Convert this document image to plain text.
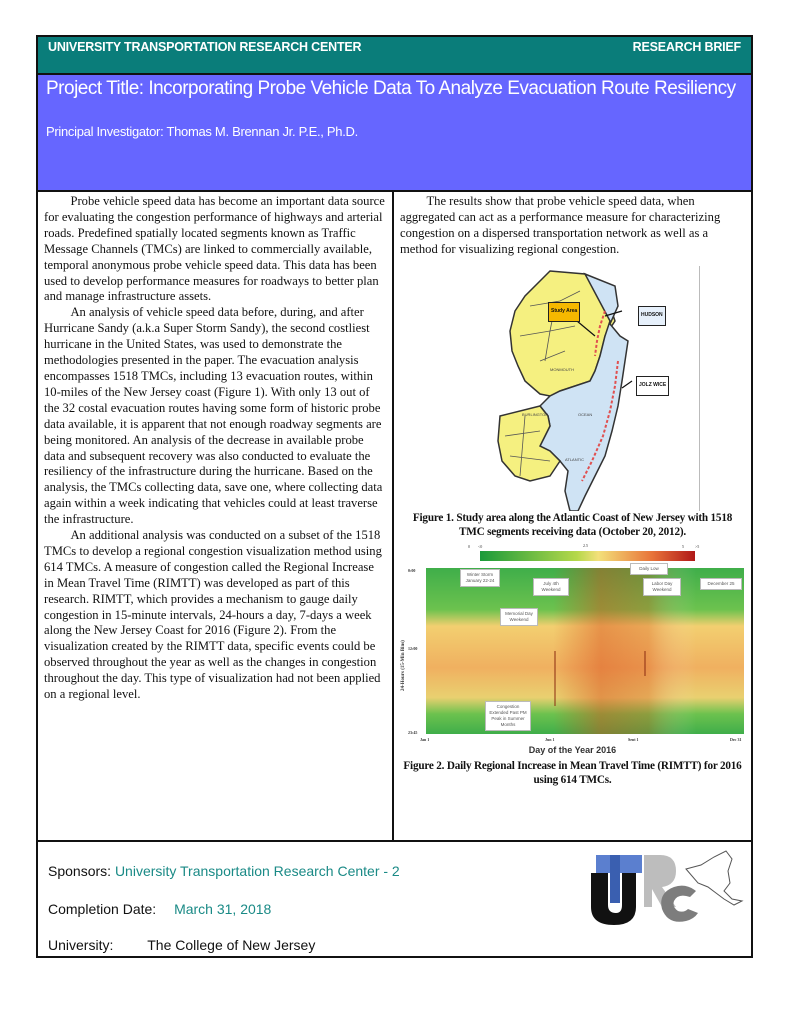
UNIVERSITY TRANSPORTATION RESEARCH CENTER	RESEARCH BRIEF
Project Title: Incorporating Probe Vehicle Data To Analyze Evacuation Route Resiliency
Principal Investigator: Thomas M. Brennan Jr. P.E., Ph.D.

Probe vehicle speed data has become an important data source for evaluating the congestion performance of highways and arterial roads. Predefined spatially located segments known as Traffic Message Channels (TMCs) are linked to commercially available, temporal anonymous probe vehicle speed data. This data has been used to develop performance measures for roadways to better plan and manage infrastructure assets.

An analysis of vehicle speed data before, during, and after Hurricane Sandy (a.k.a Super Storm Sandy), the second costliest hurricane in the United States, was used to demonstrate the methodologies presented in the paper. The evacuation analysis encompasses 1518 TMCs, including 13 evacuation routes, within 10-miles of the New Jersey coast (Figure 1). With only 13 out of the 32 costal evacuation routes having some form of historic probe data available, it is apparent that not enough roadway segments are being monitored. An analysis of the decrease in available probe data and subsequent recovery was also conducted to evaluate the resiliency of the infrastructure during the hurricane. Based on the analysis, the TMCs collecting data, save one, where collecting data again within a week indicating that vehicles could at least traverse the infrastructure.

An additional analysis was conducted on a subset of the 1518 TMCs to develop a regional congestion visualization method using 614 TMCs. A measure of congestion called the Regional Increase in Mean Travel Time (RIMTT) was developed as part of this research. RIMTT, which provides a mechanism to gauge daily congestion in 15-minute intervals, 24-hours a day, 7-days a week along the New Jersey Coast for 2016 (Figure 2). From the visualization created by the RIMTT data, specific events could be observed throughout the year as well as the changes in congestion throughout the day. This type of visualization had not been applied on a regional level.

The results show that probe vehicle speed data, when aggregated can act as a performance measure for characterizing congestion on a dispersed transportation network as well as a method for visualizing regional congestion.

MONMOUTH
BURLINGTON	OCEAN
ATLANTIC
Study Area
HUDSON
JOLZ WICE
Figure 1. Study area along the Atlantic Coast of New Jersey with 1518 TMC segments receiving data (October 20, 2012).
0 <0	2.5	5	>5
0:00
12:00
23:45
24-Hours (15-Min Bins)
Jan 1	Jun 1	Sept 1	Dec 31
Winter Storm January 22-24
July 4th Weekend
Memorial Day Weekend
Daily Low
Labor Day Weekend
December 25
Congestion Extended Past PM Peak in Summer Months
Day of the Year 2016
Figure 2. Daily Regional Increase in Mean Travel Time (RIMTT) for 2016 using 614 TMCs.
Sponsors: University Transportation Research Center - 2
Completion Date: March 31, 2018
University: The College of New Jersey
